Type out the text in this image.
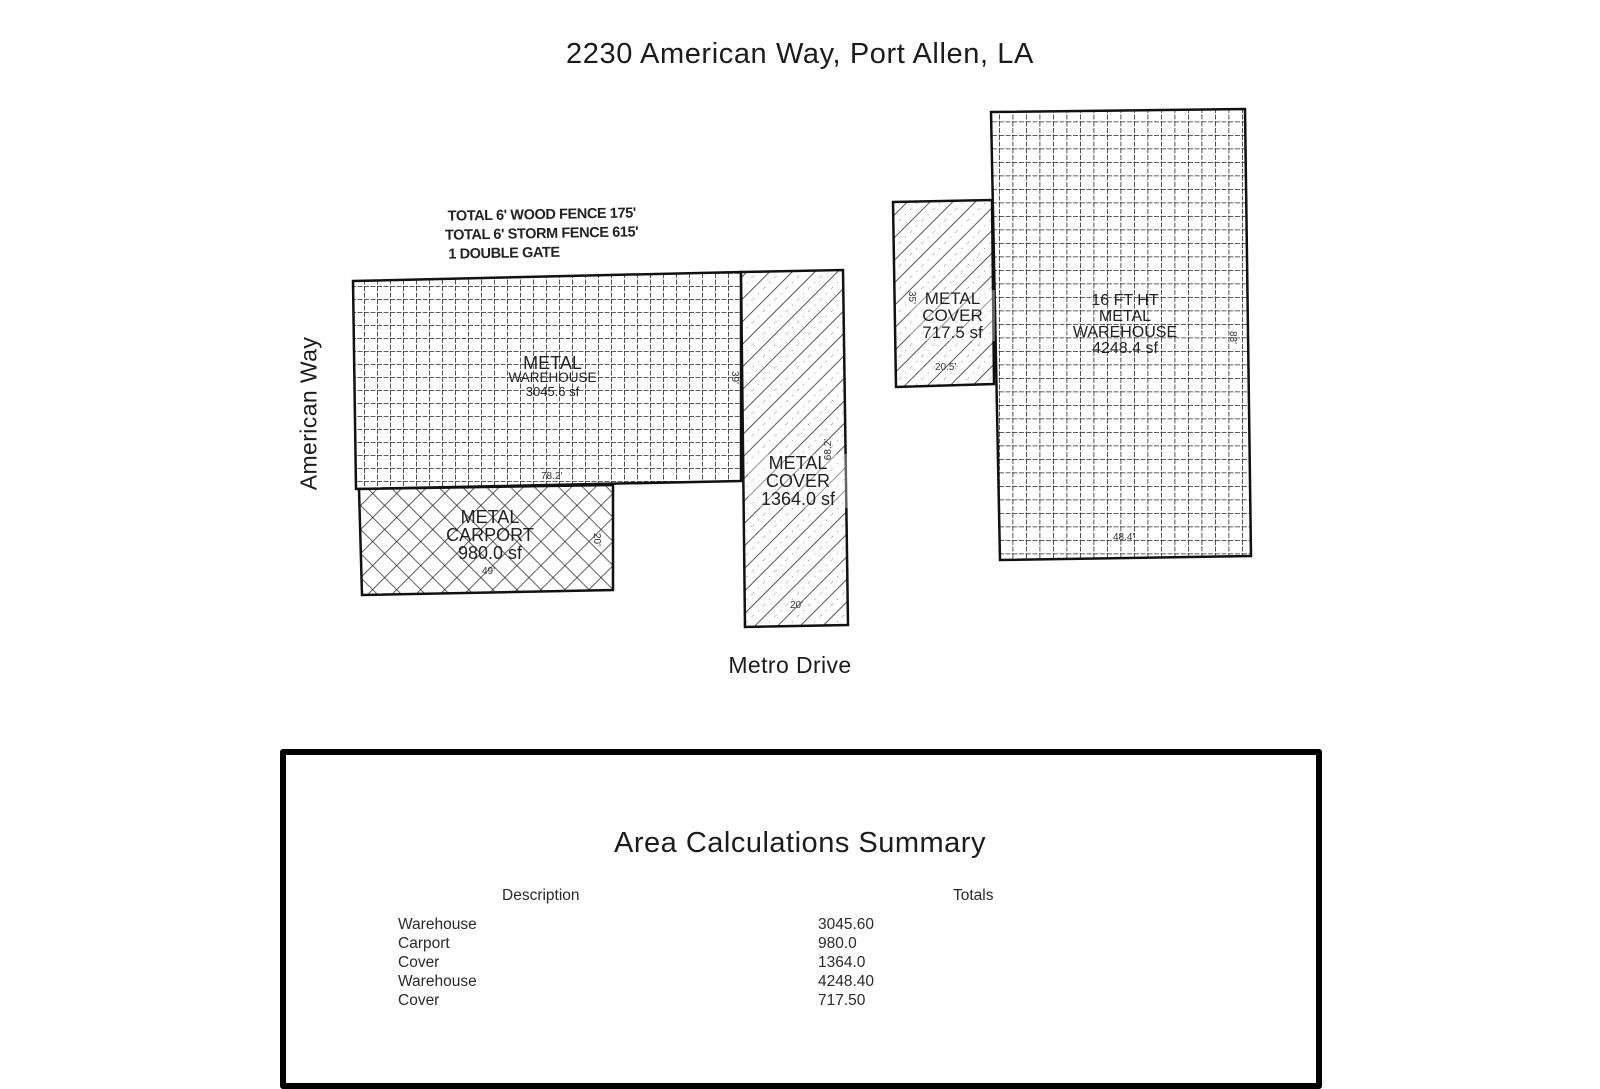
2230 American Way, Port Allen, LA
American Way
Metro Drive
TOTAL 6' WOOD FENCE 175'
TOTAL 6' STORM FENCE 615'
1 DOUBLE GATE
METAL
WAREHOUSE
3045.6 sf
METAL
CARPORT
980.0 sf
METAL
COVER
1364.0 sf
METAL
COVER
717.5 sf
16 FT HT
METAL
WAREHOUSE
4248.4 sf
78.2'
39'
49'
20'
20'
68.2'
20.5'
35'
48.4'
88'
Area Calculations Summary
Description	Totals
Warehouse	3045.60
Carport	980.0
Cover	1364.0
Warehouse	4248.40
Cover	717.50
